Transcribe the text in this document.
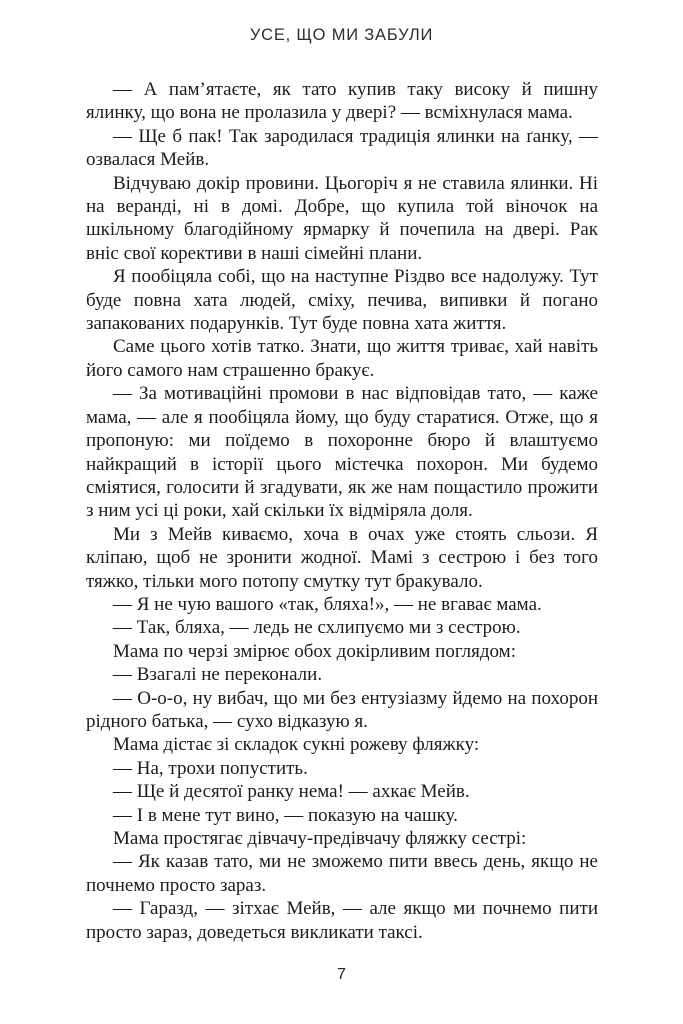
УСЕ, ЩО МИ ЗАБУЛИ

— А пам’ятаєте, як тато купив таку високу й пишну ялинку, що вона не пролазила у двері? — всміхнулася мама.

— Ще б пак! Так зародилася традиція ялинки на ґанку, — озвалася Мейв.

Відчуваю докір провини. Цьогоріч я не ставила ялинки. Ні на веранді, ні в домі. Добре, що купила той віночок на шкільному благодійному ярмарку й почепила на двері. Рак вніс свої корективи в наші сімейні плани.

Я пообіцяла собі, що на наступне Різдво все надолужу. Тут буде повна хата людей, сміху, печива, випивки й погано запакованих подарунків. Тут буде повна хата життя.

Саме цього хотів татко. Знати, що життя триває, хай навіть його самого нам страшенно бракує.

— За мотиваційні промови в нас відповідав тато, — каже мама, — але я пообіцяла йому, що буду старатися. Отже, що я пропоную: ми поїдемо в похоронне бюро й влаштуємо найкращий в історії цього містечка похорон. Ми будемо сміятися, голосити й згадувати, як же нам пощастило прожити з ним усі ці роки, хай скільки їх відміряла доля.

Ми з Мейв киваємо, хоча в очах уже стоять сльози. Я кліпаю, щоб не зронити жодної. Мамі з сестрою і без того тяжко, тільки мого потопу смутку тут бракувало.

— Я не чую вашого «так, бляха!», — не вгаває мама.

— Так, бляха, — ледь не схлипуємо ми з сестрою.

Мама по черзі змірює обох докірливим поглядом:

— Взагалі не переконали.

— О-о-о, ну вибач, що ми без ентузіазму йдемо на похорон рідного батька, — сухо відказую я.

Мама дістає зі складок сукні рожеву фляжку:

— На, трохи попустить.

— Ще й десятої ранку нема! — ахкає Мейв.

— І в мене тут вино, — показую на чашку.

Мама простягає дівчачу-предівчачу фляжку сестрі:

— Як казав тато, ми не зможемо пити ввесь день, якщо не почнемо просто зараз.

— Гаразд, — зітхає Мейв, — але якщо ми почнемо пити просто зараз, доведеться викликати таксі.

7
